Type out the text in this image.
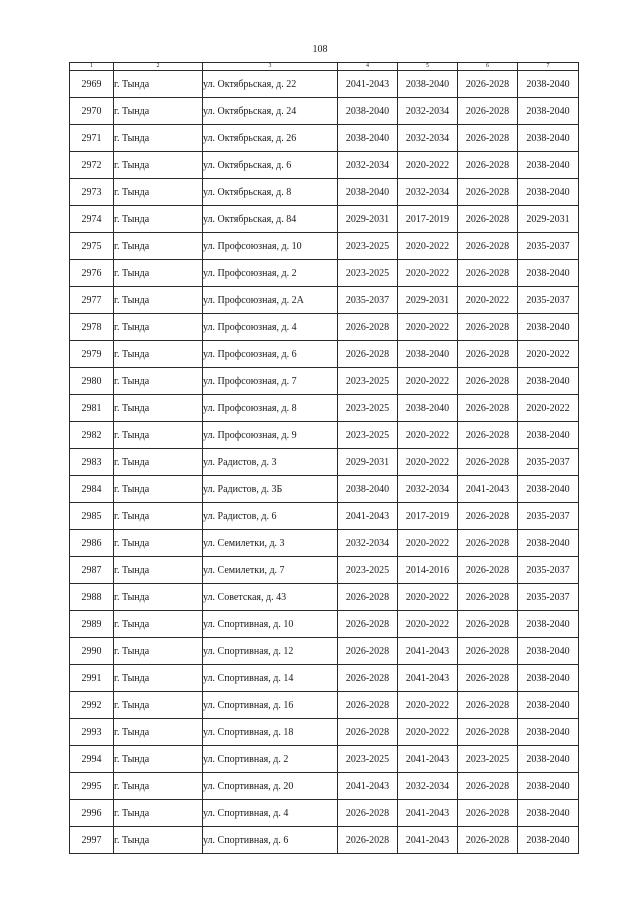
108
1	2	3	4	5	6	7
2969	г. Тында	ул. Октябрьская, д. 22	2041-2043	2038-2040	2026-2028	2038-2040
2970	г. Тында	ул. Октябрьская, д. 24	2038-2040	2032-2034	2026-2028	2038-2040
2971	г. Тында	ул. Октябрьская, д. 26	2038-2040	2032-2034	2026-2028	2038-2040
2972	г. Тында	ул. Октябрьская, д. 6	2032-2034	2020-2022	2026-2028	2038-2040
2973	г. Тында	ул. Октябрьская, д. 8	2038-2040	2032-2034	2026-2028	2038-2040
2974	г. Тында	ул. Октябрьская, д. 84	2029-2031	2017-2019	2026-2028	2029-2031
2975	г. Тында	ул. Профсоюзная, д. 10	2023-2025	2020-2022	2026-2028	2035-2037
2976	г. Тында	ул. Профсоюзная, д. 2	2023-2025	2020-2022	2026-2028	2038-2040
2977	г. Тында	ул. Профсоюзная, д. 2А	2035-2037	2029-2031	2020-2022	2035-2037
2978	г. Тында	ул. Профсоюзная, д. 4	2026-2028	2020-2022	2026-2028	2038-2040
2979	г. Тында	ул. Профсоюзная, д. 6	2026-2028	2038-2040	2026-2028	2020-2022
2980	г. Тында	ул. Профсоюзная, д. 7	2023-2025	2020-2022	2026-2028	2038-2040
2981	г. Тында	ул. Профсоюзная, д. 8	2023-2025	2038-2040	2026-2028	2020-2022
2982	г. Тында	ул. Профсоюзная, д. 9	2023-2025	2020-2022	2026-2028	2038-2040
2983	г. Тында	ул. Радистов, д. 3	2029-2031	2020-2022	2026-2028	2035-2037
2984	г. Тында	ул. Радистов, д. 3Б	2038-2040	2032-2034	2041-2043	2038-2040
2985	г. Тында	ул. Радистов, д. 6	2041-2043	2017-2019	2026-2028	2035-2037
2986	г. Тында	ул. Семилетки, д. 3	2032-2034	2020-2022	2026-2028	2038-2040
2987	г. Тында	ул. Семилетки, д. 7	2023-2025	2014-2016	2026-2028	2035-2037
2988	г. Тында	ул. Советская, д. 43	2026-2028	2020-2022	2026-2028	2035-2037
2989	г. Тында	ул. Спортивная, д. 10	2026-2028	2020-2022	2026-2028	2038-2040
2990	г. Тында	ул. Спортивная, д. 12	2026-2028	2041-2043	2026-2028	2038-2040
2991	г. Тында	ул. Спортивная, д. 14	2026-2028	2041-2043	2026-2028	2038-2040
2992	г. Тында	ул. Спортивная, д. 16	2026-2028	2020-2022	2026-2028	2038-2040
2993	г. Тында	ул. Спортивная, д. 18	2026-2028	2020-2022	2026-2028	2038-2040
2994	г. Тында	ул. Спортивная, д. 2	2023-2025	2041-2043	2023-2025	2038-2040
2995	г. Тында	ул. Спортивная, д. 20	2041-2043	2032-2034	2026-2028	2038-2040
2996	г. Тында	ул. Спортивная, д. 4	2026-2028	2041-2043	2026-2028	2038-2040
2997	г. Тында	ул. Спортивная, д. 6	2026-2028	2041-2043	2026-2028	2038-2040
